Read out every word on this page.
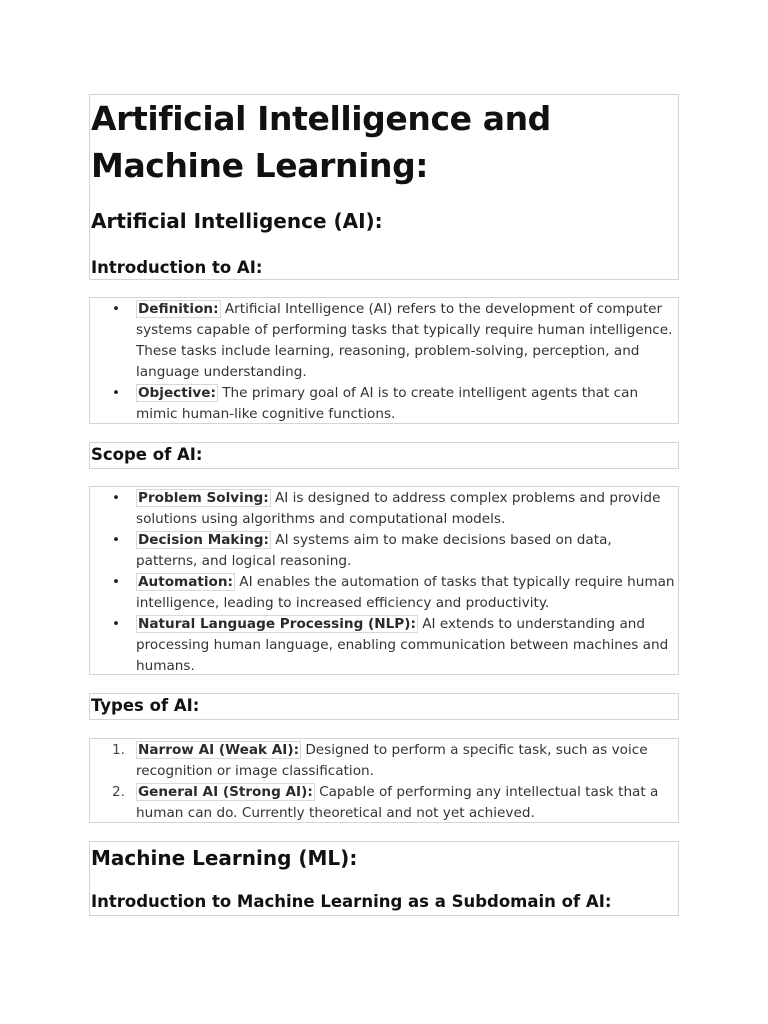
Artificial Intelligence and Machine Learning:
Artificial Intelligence (AI):
Introduction to AI:
• Definition: Artificial Intelligence (AI) refers to the development of computer systems capable of performing tasks that typically require human intelligence. These tasks include learning, reasoning, problem-solving, perception, and language understanding.
• Objective: The primary goal of AI is to create intelligent agents that can mimic human-like cognitive functions.
Scope of AI:
• Problem Solving: AI is designed to address complex problems and provide solutions using algorithms and computational models.
• Decision Making: AI systems aim to make decisions based on data, patterns, and logical reasoning.
• Automation: AI enables the automation of tasks that typically require human intelligence, leading to increased efficiency and productivity.
• Natural Language Processing (NLP): AI extends to understanding and processing human language, enabling communication between machines and humans.
Types of AI:
1. Narrow AI (Weak AI): Designed to perform a specific task, such as voice recognition or image classification.
2. General AI (Strong AI): Capable of performing any intellectual task that a human can do. Currently theoretical and not yet achieved.
Machine Learning (ML):
Introduction to Machine Learning as a Subdomain of AI:
